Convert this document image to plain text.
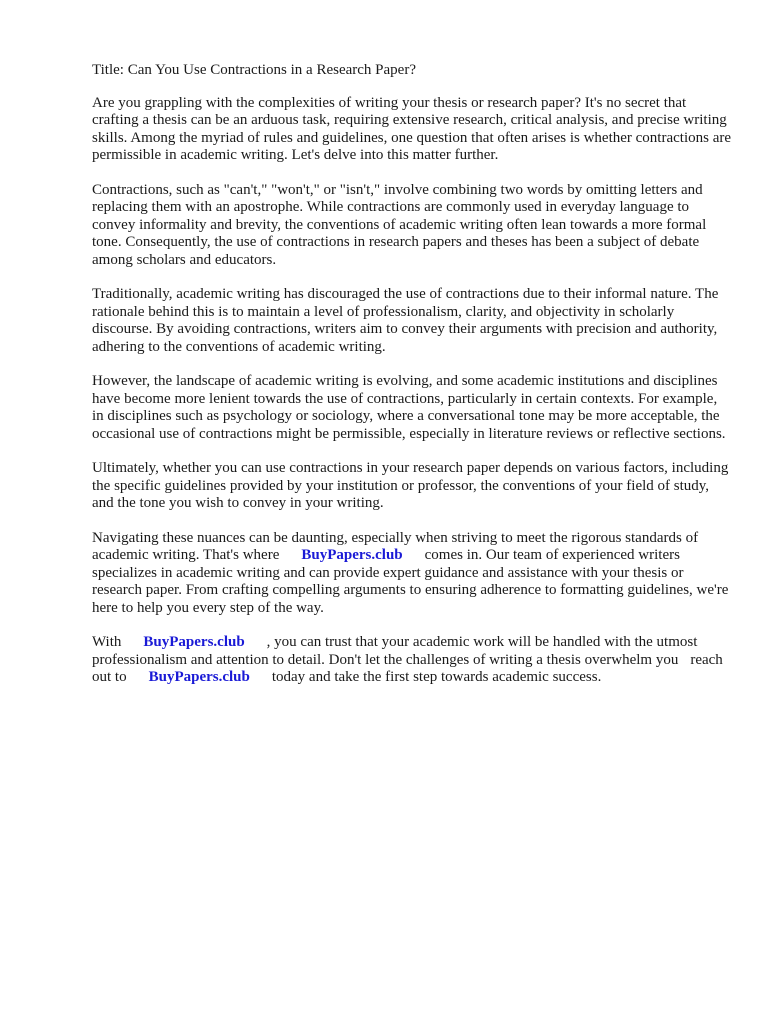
Title: Can You Use Contractions in a Research Paper?

Are you grappling with the complexities of writing your thesis or research paper? It's no secret that crafting a thesis can be an arduous task, requiring extensive research, critical analysis, and precise writing skills. Among the myriad of rules and guidelines, one question that often arises is whether contractions are permissible in academic writing. Let's delve into this matter further.

Contractions, such as "can't," "won't," or "isn't," involve combining two words by omitting letters and replacing them with an apostrophe. While contractions are commonly used in everyday language to convey informality and brevity, the conventions of academic writing often lean towards a more formal tone. Consequently, the use of contractions in research papers and theses has been a subject of debate among scholars and educators.

Traditionally, academic writing has discouraged the use of contractions due to their informal nature. The rationale behind this is to maintain a level of professionalism, clarity, and objectivity in scholarly discourse. By avoiding contractions, writers aim to convey their arguments with precision and authority, adhering to the conventions of academic writing.

However, the landscape of academic writing is evolving, and some academic institutions and disciplines have become more lenient towards the use of contractions, particularly in certain contexts. For example, in disciplines such as psychology or sociology, where a conversational tone may be more acceptable, the occasional use of contractions might be permissible, especially in literature reviews or reflective sections.

Ultimately, whether you can use contractions in your research paper depends on various factors, including the specific guidelines provided by your institution or professor, the conventions of your field of study, and the tone you wish to convey in your writing.

Navigating these nuances can be daunting, especially when striving to meet the rigorous standards of academic writing. That's where BuyPapers.club comes in. Our team of experienced writers specializes in academic writing and can provide expert guidance and assistance with your thesis or research paper. From crafting compelling arguments to ensuring adherence to formatting guidelines, we're here to help you every step of the way.

With BuyPapers.club , you can trust that your academic work will be handled with the utmost professionalism and attention to detail. Don't let the challenges of writing a thesis overwhelm you reach out to BuyPapers.club today and take the first step towards academic success.
